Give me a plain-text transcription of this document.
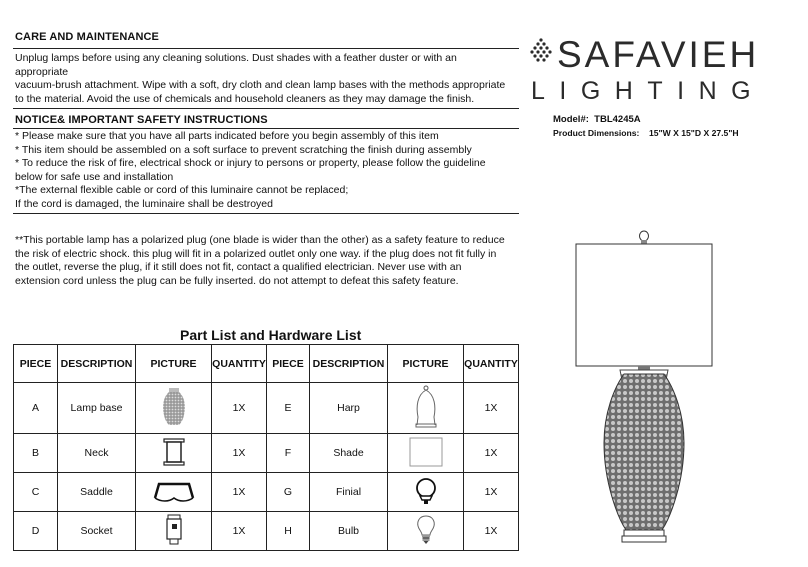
CARE AND MAINTENANCE
Unplug lamps before using any cleaning solutions. Dust shades with a feather duster or with an
appropriate
vacuum-brush attachment. Wipe with a soft, dry cloth and clean lamp bases with the methods appropriate
to the material. Avoid the use of chemicals and household cleaners as they may damage the finish.
NOTICE& IMPORTANT SAFETY INSTRUCTIONS
* Please make sure that you have all parts indicated before you begin assembly of this item
* This item should be assembled on a soft surface to prevent scratching the finish during assembly
* To reduce the risk of fire, electrical shock or injury to persons or property, please follow the guideline
below for safe use and installation
*The external flexible cable or cord of this luminaire cannot be replaced;
If the cord is damaged, the luminaire shall be destroyed
**This portable lamp has a polarized plug (one blade is wider than the other) as a safety feature to reduce
the risk of electric shock. this plug will fit in a polarized outlet only one way. if the plug does not fit fully in
the outlet, reverse the plug, if it still does not fit, contact a qualified electrician. Never use with an
extension cord unless the plug can be fully inserted. do not attempt to defeat this safety feature.
SAFAVIEH
LIGHTING
Model#: TBL4245A
Product Dimensions: 15"W X 15"D X 27.5"H
Part List and Hardware List
PIECE	DESCRIPTION	PICTURE	QUANTITY	PIECE	DESCRIPTION	PICTURE	QUANTITY
A	Lamp base		1X	E	Harp		1X
B	Neck		1X	F	Shade		1X
C	Saddle		1X	G	Finial		1X
D	Socket		1X	H	Bulb		1X
